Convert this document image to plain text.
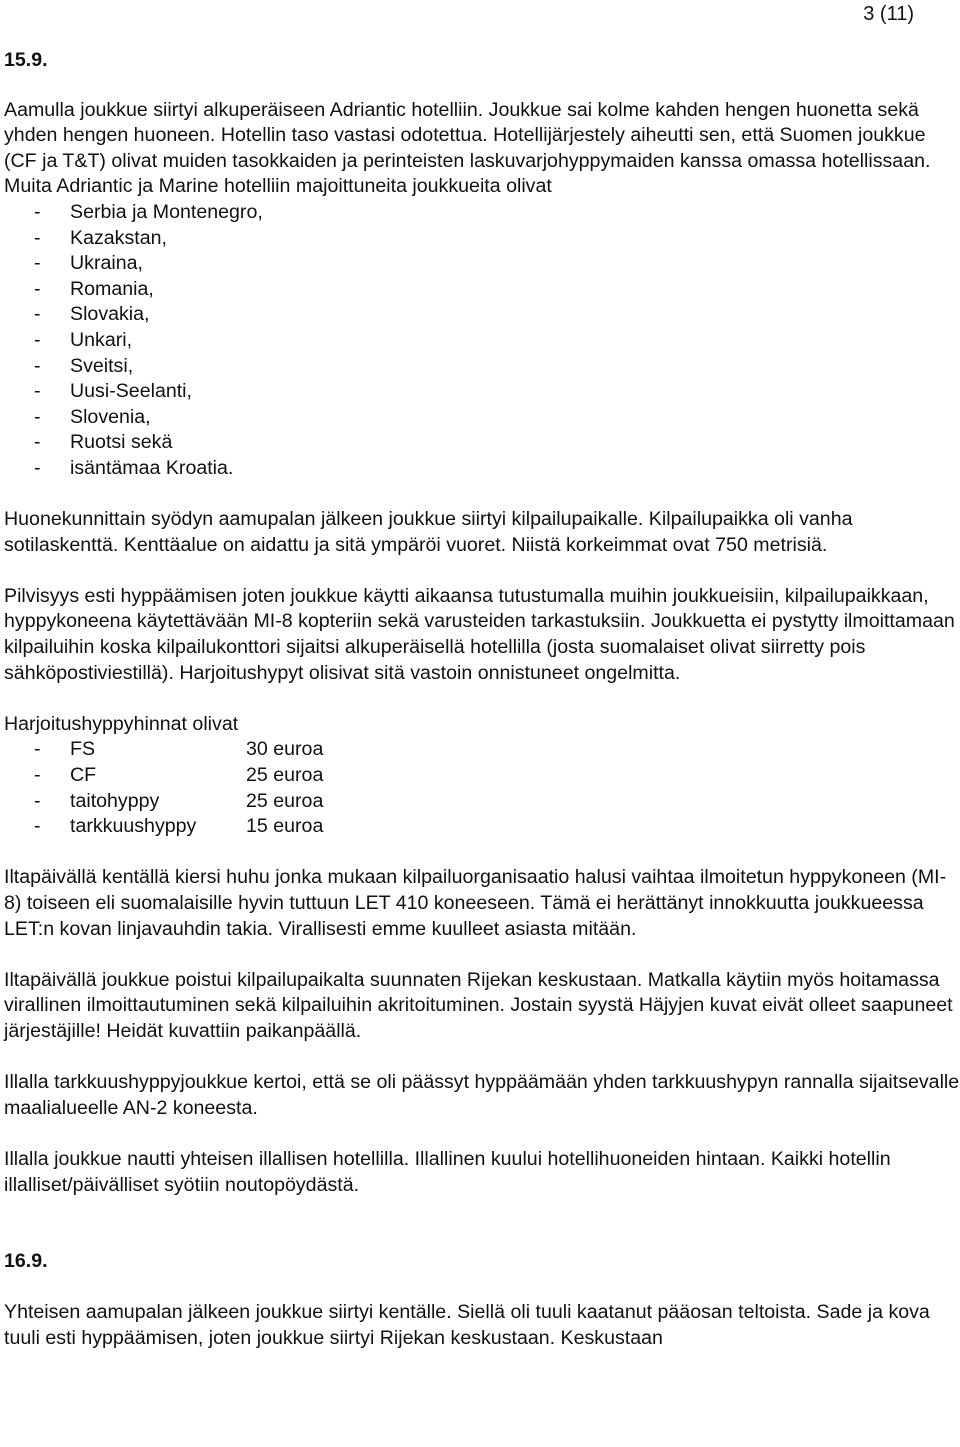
3 (11)

15.9.

Aamulla joukkue siirtyi alkuperäiseen Adriantic hotelliin. Joukkue sai kolme kahden hengen huonetta sekä yhden hengen huoneen. Hotellin taso vastasi odotettua. Hotellijärjestely aiheutti sen, että Suomen joukkue (CF ja T&T) olivat muiden tasokkaiden ja perinteisten laskuvarjohyppymaiden kanssa omassa hotellissaan. Muita Adriantic ja Marine hotelliin majoittuneita joukkueita olivat

- Serbia ja Montenegro,
- Kazakstan,
- Ukraina,
- Romania,
- Slovakia,
- Unkari,
- Sveitsi,
- Uusi-Seelanti,
- Slovenia,
- Ruotsi sekä
- isäntämaa Kroatia.

Huonekunnittain syödyn aamupalan jälkeen joukkue siirtyi kilpailupaikalle. Kilpailupaikka oli vanha sotilaskenttä. Kenttäalue on aidattu ja sitä ympäröi vuoret. Niistä korkeimmat ovat 750 metrisiä.

Pilvisyys esti hyppäämisen joten joukkue käytti aikaansa tutustumalla muihin joukkueisiin, kilpailupaikkaan, hyppykoneena käytettävään MI-8 kopteriin sekä varusteiden tarkastuksiin. Joukkuetta ei pystytty ilmoittamaan kilpailuihin koska kilpailukonttori sijaitsi alkuperäisellä hotellilla (josta suomalaiset olivat siirretty pois sähköpostiviestillä). Harjoitushypyt olisivat sitä vastoin onnistuneet ongelmitta.

Harjoitushyppyhinnat olivat

- FS	30 euroa
- CF	25 euroa
- taitohyppy	25 euroa
- tarkkuushyppy	15 euroa

Iltapäivällä kentällä kiersi huhu jonka mukaan kilpailuorganisaatio halusi vaihtaa ilmoitetun hyppykoneen (MI-8) toiseen eli suomalaisille hyvin tuttuun LET 410 koneeseen. Tämä ei herättänyt innokkuutta joukkueessa LET:n kovan linjavauhdin takia. Virallisesti emme kuulleet asiasta mitään.

Iltapäivällä joukkue poistui kilpailupaikalta suunnaten Rijekan keskustaan. Matkalla käytiin myös hoitamassa virallinen ilmoittautuminen sekä kilpailuihin akritoituminen. Jostain syystä Häjyjen kuvat eivät olleet saapuneet järjestäjille! Heidät kuvattiin paikanpäällä.

Illalla tarkkuushyppyjoukkue kertoi, että se oli päässyt hyppäämään yhden tarkkuushypyn rannalla sijaitsevalle maalialueelle AN-2 koneesta.

Illalla joukkue nautti yhteisen illallisen hotellilla. Illallinen kuului hotellihuoneiden hintaan. Kaikki hotellin illalliset/päivälliset syötiin noutopöydästä.

16.9.

Yhteisen aamupalan jälkeen joukkue siirtyi kentälle. Siellä oli tuuli kaatanut pääosan teltoista. Sade ja kova tuuli esti hyppäämisen, joten joukkue siirtyi Rijekan keskustaan. Keskustaan
